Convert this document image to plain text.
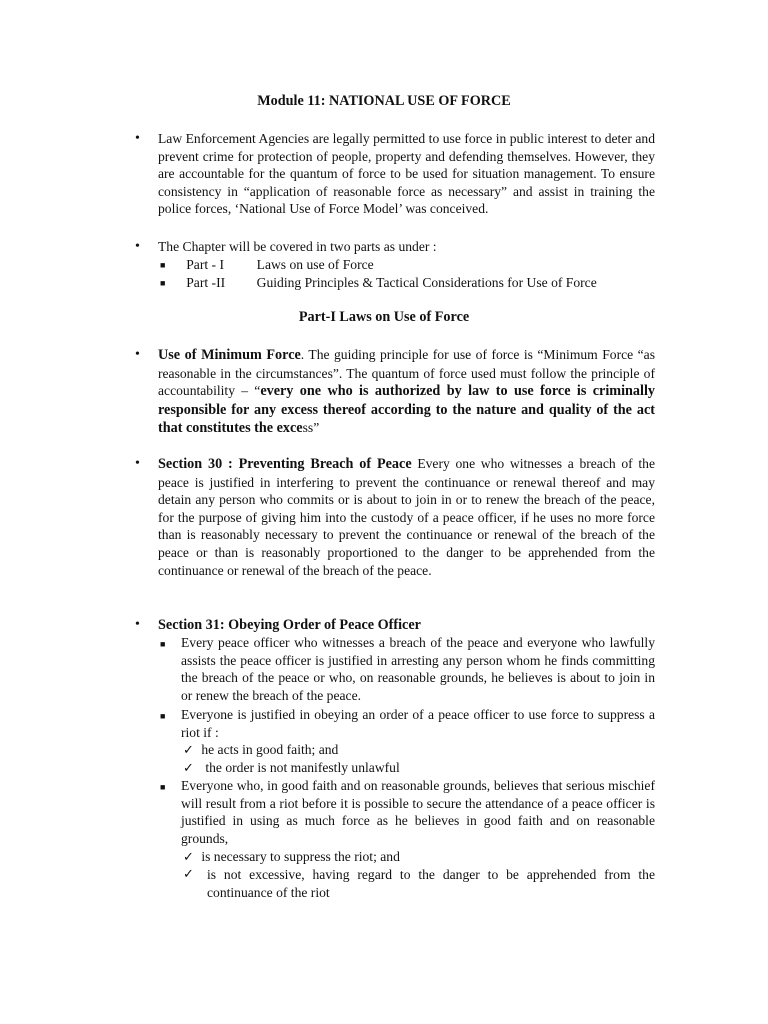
Module 11: NATIONAL USE OF FORCE
• Law Enforcement Agencies are legally permitted to use force in public interest to deter and prevent crime for protection of people, property and defending themselves. However, they are accountable for the quantum of force to be used for situation management. To ensure consistency in “application of reasonable force as necessary” and assist in training the police forces, ‘National Use of Force Model’ was conceived.
• The Chapter will be covered in two parts as under :
■ Part - I Laws on use of Force
■ Part -II Guiding Principles & Tactical Considerations for Use of Force
Part-I Laws on Use of Force
• Use of Minimum Force. The guiding principle for use of force is “Minimum Force “as reasonable in the circumstances”. The quantum of force used must follow the principle of accountability – “every one who is authorized by law to use force is criminally responsible for any excess thereof according to the nature and quality of the act that constitutes the excess”
• Section 30 : Preventing Breach of Peace Every one who witnesses a breach of the peace is justified in interfering to prevent the continuance or renewal thereof and may detain any person who commits or is about to join in or to renew the breach of the peace, for the purpose of giving him into the custody of a peace officer, if he uses no more force than is reasonably necessary to prevent the continuance or renewal of the breach of the peace or than is reasonably proportioned to the danger to be apprehended from the continuance or renewal of the breach of the peace.
• Section 31: Obeying Order of Peace Officer
■ Every peace officer who witnesses a breach of the peace and everyone who lawfully assists the peace officer is justified in arresting any person whom he finds committing the breach of the peace or who, on reasonable grounds, he believes is about to join in or renew the breach of the peace.
■ Everyone is justified in obeying an order of a peace officer to use force to suppress a riot if :
✓ he acts in good faith; and
✓ the order is not manifestly unlawful
■ Everyone who, in good faith and on reasonable grounds, believes that serious mischief will result from a riot before it is possible to secure the attendance of a peace officer is justified in using as much force as he believes in good faith and on reasonable grounds,
✓ is necessary to suppress the riot; and
✓ is not excessive, having regard to the danger to be apprehended from the continuance of the riot
